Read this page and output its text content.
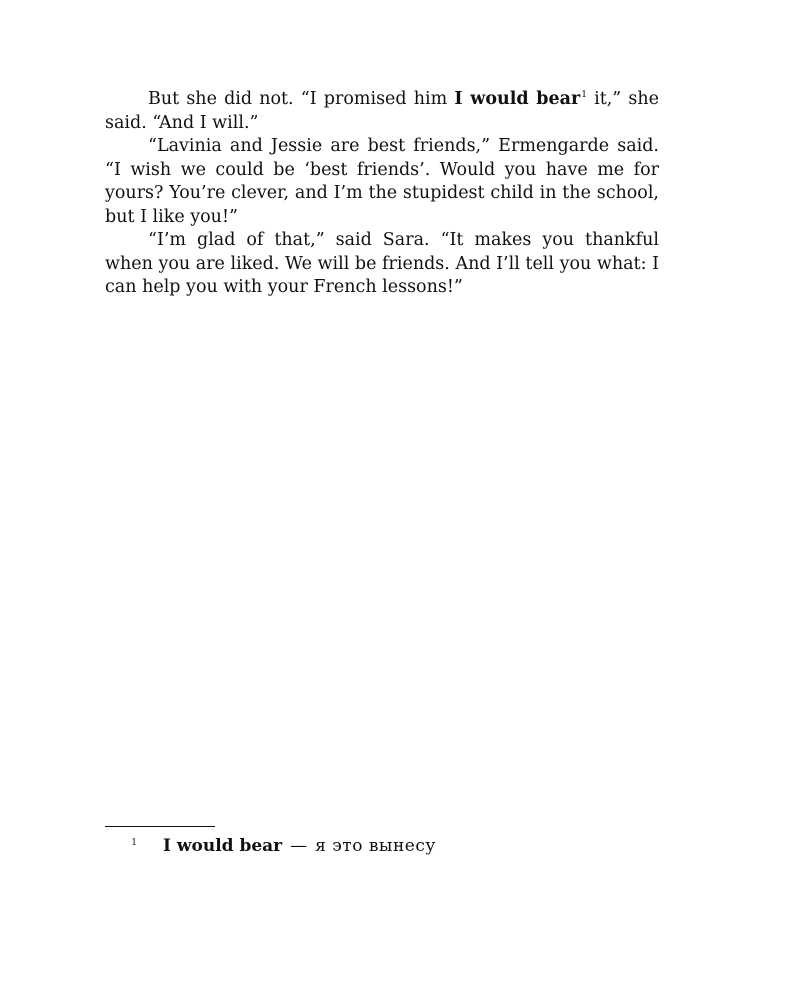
But she did not. “I promised him I would bear$^1$ it,” she said. “And I will.”

“Lavinia and Jessie are best friends,” Ermengarde said. “I wish we could be ‘best friends’. Would you have me for yours? You’re clever, and I’m the stupidest child in the school, but I like you!”

“I’m glad of that,” said Sara. “It makes you thankful when you are liked. We will be friends. And I’ll tell you what: I can help you with your French lessons!”

1 I would bear — я это вынесу
